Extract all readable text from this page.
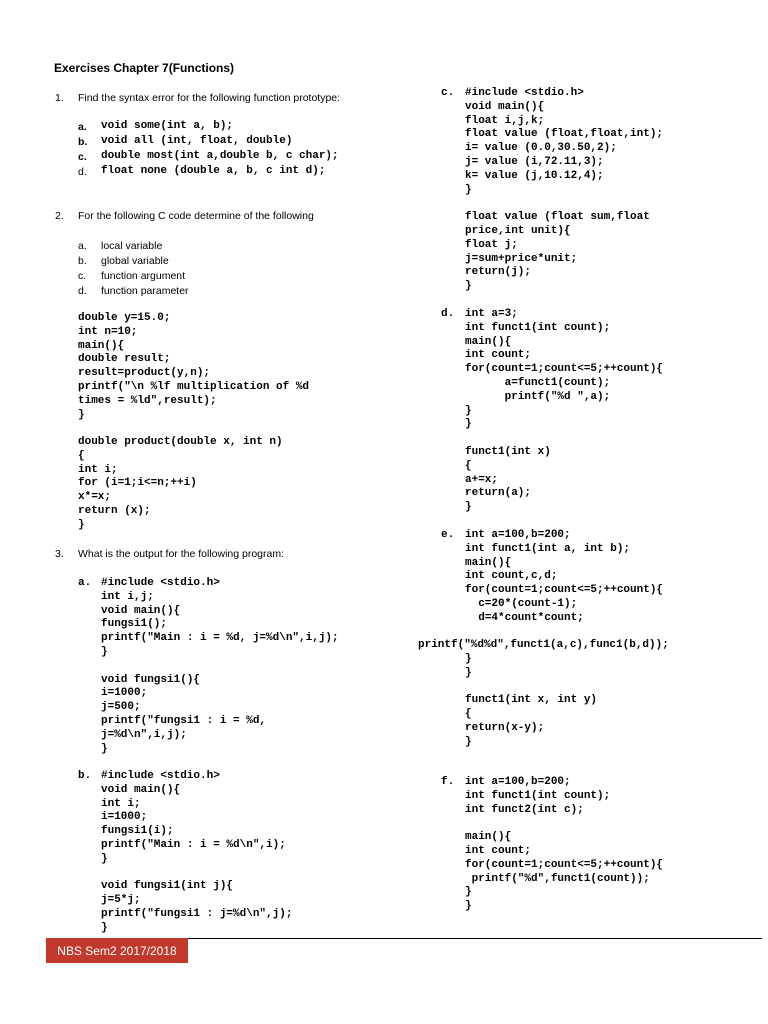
Exercises Chapter 7(Functions)
1. Find the syntax error for the following function prototype:
a. void some(int a, b);
b. void all (int, float, double)
c. double most(int a,double b, c char);
d. float none (double a, b, c int d);
2. For the following C code determine of the following
a. local variable
b. global variable
c. function argument
d. function parameter
double y=15.0;
int n=10;
main(){
double result;
result=product(y,n);
printf("\n %lf multiplication of %d
times = %ld",result);
}
double product(double x, int n)
{
int i;
for (i=1;i<=n;++i)
x*=x;
return (x);
}
3. What is the output for the following program:
a. #include <stdio.h>
int i,j;
void main(){
fungsi1();
printf("Main : i = %d, j=%d\n",i,j);
}

void fungsi1(){
i=1000;
j=500;
printf("fungsi1 : i = %d,
j=%d\n",i,j);
}
b. #include <stdio.h>
void main(){
int i;
i=1000;
fungsi1(i);
printf("Main : i = %d\n",i);
}

void fungsi1(int j){
j=5*j;
printf("fungsi1 : j=%d\n",j);
}
c. #include <stdio.h>
void main(){
float i,j,k;
float value (float,float,int);
i= value (0.0,30.50,2);
j= value (i,72.11,3);
k= value (j,10.12,4);
}

float value (float sum,float
price,int unit){
float j;
j=sum+price*unit;
return(j);
}
d. int a=3;
int funct1(int count);
main(){
int count;
for(count=1;count<=5;++count){
a=funct1(count);
printf("%d ",a);
}
}

funct1(int x)
{
a+=x;
return(a);
}
e. int a=100,b=200;
int funct1(int a, int b);
main(){
int count,c,d;
for(count=1;count<=5;++count){
c=20*(count-1);
d=4*count*count;
printf("%d%d",funct1(a,c),func1(b,d));
}
}

funct1(int x, int y)
{
return(x-y);
}
f. int a=100,b=200;
int funct1(int count);
int funct2(int c);

main(){
int count;
for(count=1;count<=5;++count){
printf("%d",funct1(count));
}
}
NBS Sem2 2017/2018
